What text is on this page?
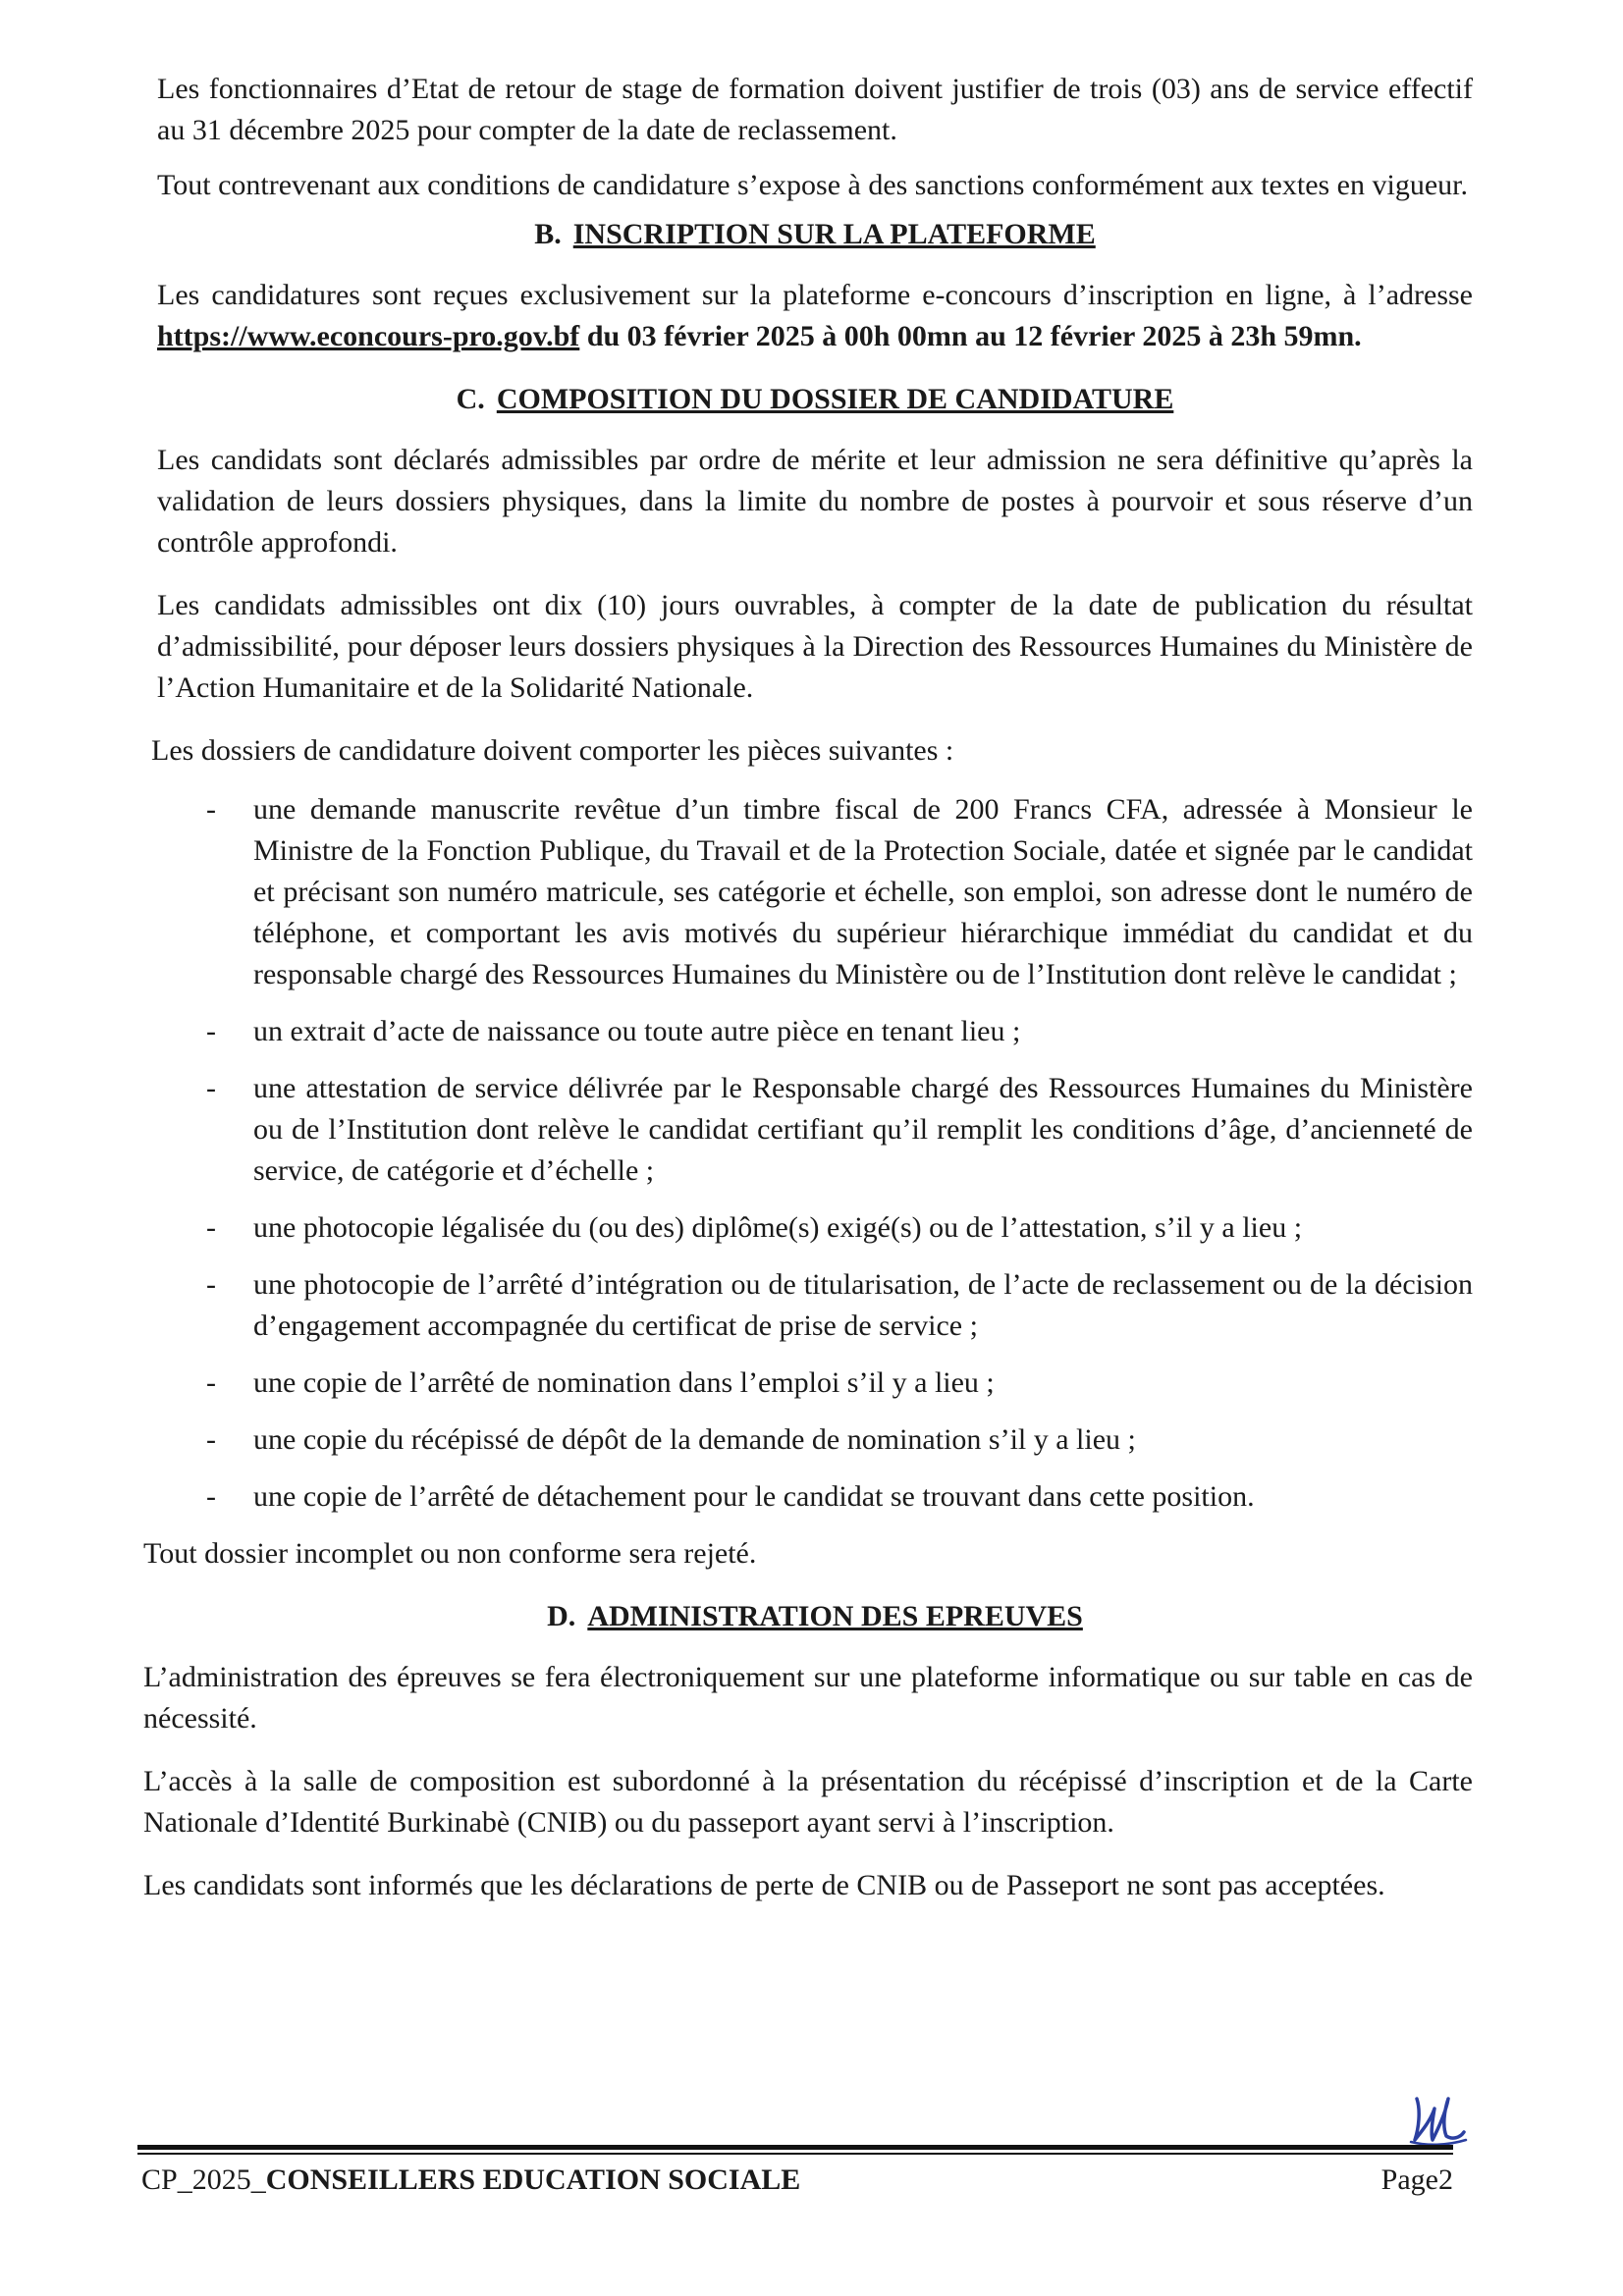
Les fonctionnaires d’Etat de retour de stage de formation doivent justifier de trois (03) ans de service effectif au 31 décembre 2025 pour compter de la date de reclassement.

Tout contrevenant aux conditions de candidature s’expose à des sanctions conformément aux textes en vigueur.

B. INSCRIPTION SUR LA PLATEFORME

Les candidatures sont reçues exclusivement sur la plateforme e-concours d’inscription en ligne, à l’adresse https://www.econcours-pro.gov.bf du 03 février 2025 à 00h 00mn au 12 février 2025 à 23h 59mn.

C. COMPOSITION DU DOSSIER DE CANDIDATURE

Les candidats sont déclarés admissibles par ordre de mérite et leur admission ne sera définitive qu’après la validation de leurs dossiers physiques, dans la limite du nombre de postes à pourvoir et sous réserve d’un contrôle approfondi.

Les candidats admissibles ont dix (10) jours ouvrables, à compter de la date de publication du résultat d’admissibilité, pour déposer leurs dossiers physiques à la Direction des Ressources Humaines du Ministère de l’Action Humanitaire et de la Solidarité Nationale.

Les dossiers de candidature doivent comporter les pièces suivantes :

- une demande manuscrite revêtue d’un timbre fiscal de 200 Francs CFA, adressée à Monsieur le Ministre de la Fonction Publique, du Travail et de la Protection Sociale, datée et signée par le candidat et précisant son numéro matricule, ses catégorie et échelle, son emploi, son adresse dont le numéro de téléphone, et comportant les avis motivés du supérieur hiérarchique immédiat du candidat et du responsable chargé des Ressources Humaines du Ministère ou de l’Institution dont relève le candidat ;
- un extrait d’acte de naissance ou toute autre pièce en tenant lieu ;
- une attestation de service délivrée par le Responsable chargé des Ressources Humaines du Ministère ou de l’Institution dont relève le candidat certifiant qu’il remplit les conditions d’âge, d’ancienneté de service, de catégorie et d’échelle ;
- une photocopie légalisée du (ou des) diplôme(s) exigé(s) ou de l’attestation, s’il y a lieu ;
- une photocopie de l’arrêté d’intégration ou de titularisation, de l’acte de reclassement ou de la décision d’engagement accompagnée du certificat de prise de service ;
- une copie de l’arrêté de nomination dans l’emploi s’il y a lieu ;
- une copie du récépissé de dépôt de la demande de nomination s’il y a lieu ;
- une copie de l’arrêté de détachement pour le candidat se trouvant dans cette position.

Tout dossier incomplet ou non conforme sera rejeté.

D. ADMINISTRATION DES EPREUVES

L’administration des épreuves se fera électroniquement sur une plateforme informatique ou sur table en cas de nécessité.

L’accès à la salle de composition est subordonné à la présentation du récépissé d’inscription et de la Carte Nationale d’Identité Burkinabè (CNIB) ou du passeport ayant servi à l’inscription.

Les candidats sont informés que les déclarations de perte de CNIB ou de Passeport ne sont pas acceptées.

CP_2025_CONSEILLERS EDUCATION SOCIALE	Page2
